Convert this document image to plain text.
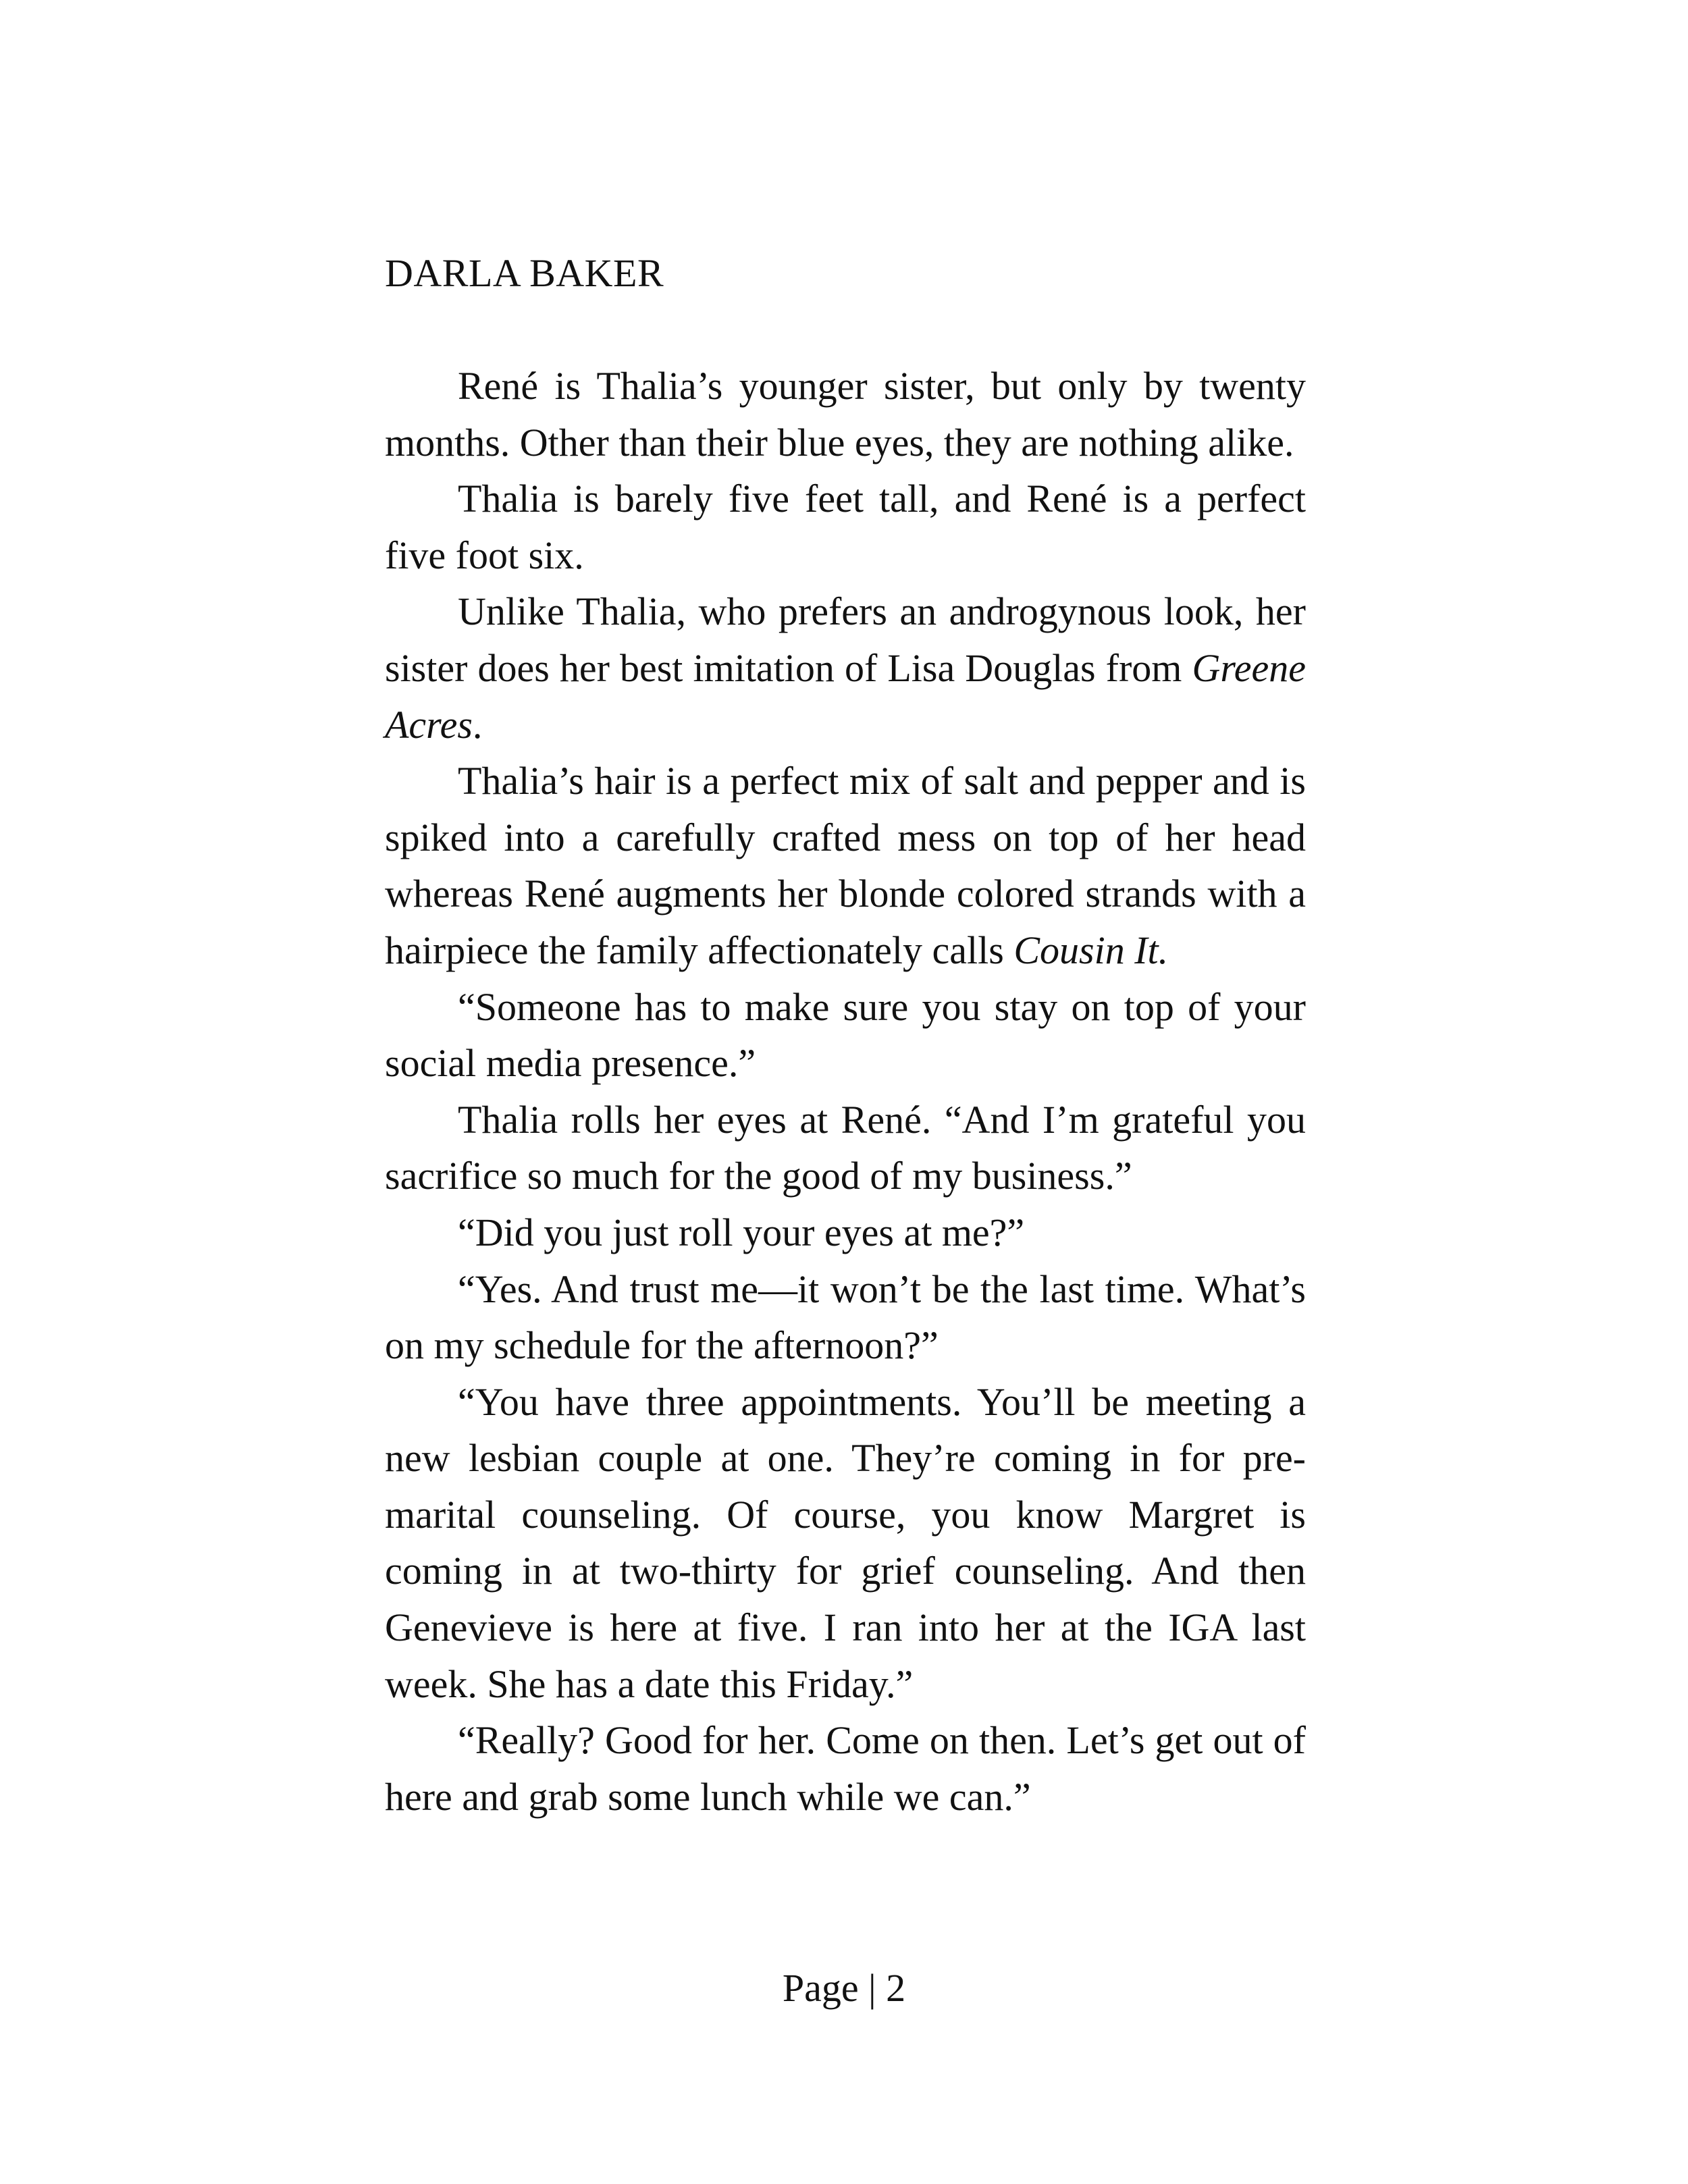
DARLA BAKER

René is Thalia’s younger sister, but only by twenty months. Other than their blue eyes, they are nothing alike.

Thalia is barely five feet tall, and René is a perfect five foot six.

Unlike Thalia, who prefers an androgynous look, her sister does her best imitation of Lisa Douglas from Greene Acres.

Thalia’s hair is a perfect mix of salt and pepper and is spiked into a carefully crafted mess on top of her head whereas René augments her blonde colored strands with a hairpiece the family affectionately calls Cousin It.

“Someone has to make sure you stay on top of your social media presence.”

Thalia rolls her eyes at René. “And I’m grateful you sacrifice so much for the good of my business.”

“Did you just roll your eyes at me?”

“Yes. And trust me—it won’t be the last time. What’s on my schedule for the afternoon?”

“You have three appointments. You’ll be meeting a new lesbian couple at one. They’re coming in for pre-marital counseling. Of course, you know Margret is coming in at two-thirty for grief counseling. And then Genevieve is here at five. I ran into her at the IGA last week. She has a date this Friday.”

“Really? Good for her. Come on then. Let’s get out of here and grab some lunch while we can.”

Page | 2
